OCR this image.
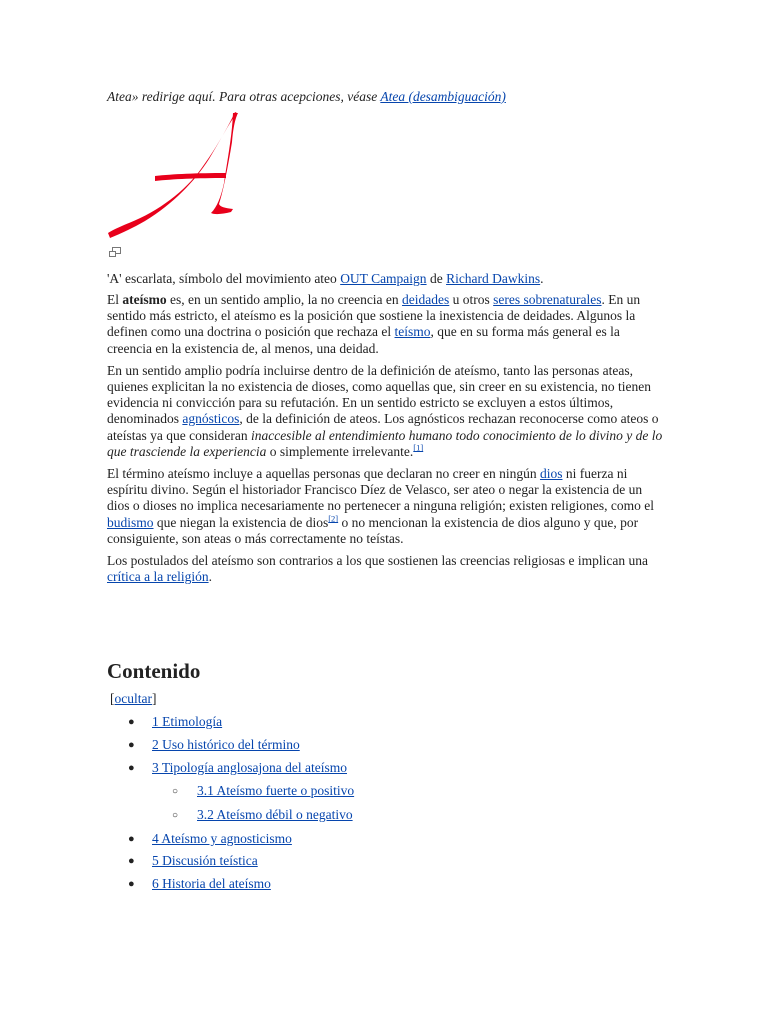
Atea» redirige aquí. Para otras acepciones, véase Atea (desambiguación)
'A' escarlata, símbolo del movimiento ateo OUT Campaign de Richard Dawkins.

El ateísmo es, en un sentido amplio, la no creencia en deidades u otros seres sobrenaturales. En un sentido más estricto, el ateísmo es la posición que sostiene la inexistencia de deidades. Algunos la definen como una doctrina o posición que rechaza el teísmo, que en su forma más general es la creencia en la existencia de, al menos, una deidad.

En un sentido amplio podría incluirse dentro de la definición de ateísmo, tanto las personas ateas, quienes explicitan la no existencia de dioses, como aquellas que, sin creer en su existencia, no tienen evidencia ni convicción para su refutación. En un sentido estricto se excluyen a estos últimos, denominados agnósticos, de la definición de ateos. Los agnósticos rechazan reconocerse como ateos o ateístas ya que consideran inaccesible al entendimiento humano todo conocimiento de lo divino y de lo que trasciende la experiencia o simplemente irrelevante.[1]

El término ateísmo incluye a aquellas personas que declaran no creer en ningún dios ni fuerza ni espíritu divino. Según el historiador Francisco Díez de Velasco, ser ateo o negar la existencia de un dios o dioses no implica necesariamente no pertenecer a ninguna religión; existen religiones, como el budismo que niegan la existencia de dios[2] o no mencionan la existencia de dios alguno y que, por consiguiente, son ateas o más correctamente no teístas.

Los postulados del ateísmo son contrarios a los que sostienen las creencias religiosas e implican una crítica a la religión.

Contenido
[ocultar]
● 1 Etimología
● 2 Uso histórico del término
● 3 Tipología anglosajona del ateísmo
○ 3.1 Ateísmo fuerte o positivo
○ 3.2 Ateísmo débil o negativo
● 4 Ateísmo y agnosticismo
● 5 Discusión teística
● 6 Historia del ateísmo
